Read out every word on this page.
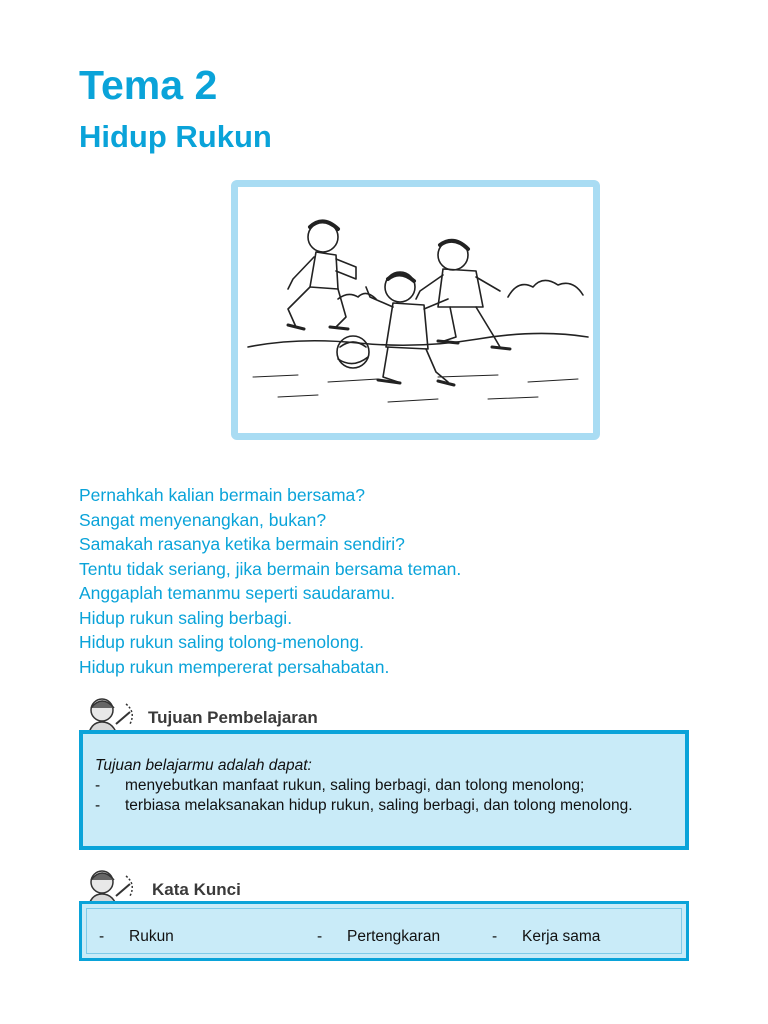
Tema 2
Hidup Rukun
Pernahkah kalian bermain bersama?
Sangat menyenangkan, bukan?
Samakah rasanya ketika bermain sendiri?
Tentu tidak seriang, jika bermain bersama teman.
Anggaplah temanmu seperti saudaramu.
Hidup rukun saling berbagi.
Hidup rukun saling tolong-menolong.
Hidup rukun mempererat persahabatan.
Tujuan Pembelajaran
Tujuan belajarmu adalah dapat:
- menyebutkan manfaat rukun, saling berbagi, dan tolong menolong;
- terbiasa melaksanakan hidup rukun, saling berbagi, dan tolong menolong.
Kata Kunci
- Rukun	- Pertengkaran	- Kerja sama
